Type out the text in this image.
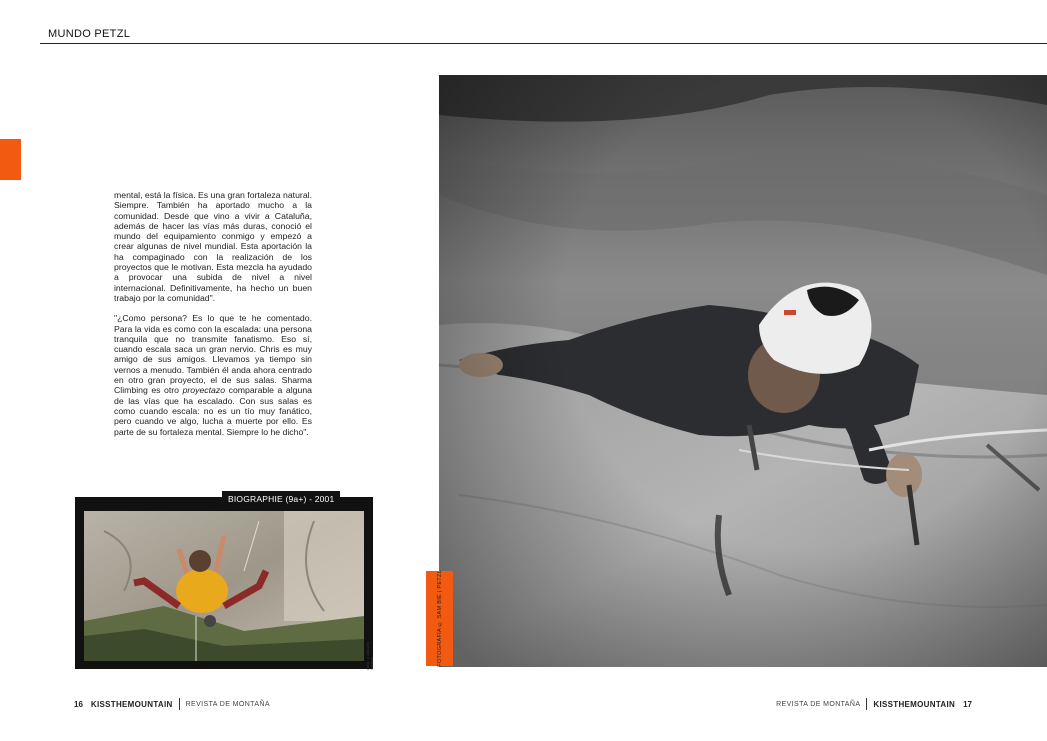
MUNDO PETZL

mental, está la física. Es una gran fortaleza natural. Siempre. También ha aportado mucho a la comunidad. Desde que vino a vivir a Cataluña, además de hacer las vías más duras, conoció el mundo del equipamiento conmigo y empezó a crear algunas de nivel mundial. Esta aportación la ha compaginado con la realización de los proyectos que le motivan. Esta mezcla ha ayudado a provocar una subida de nivel a nivel internacional. Definitivamente, ha hecho un buen trabajo por la comunidad".

"¿Como persona? Es lo que te he comentado. Para la vida es como con la escalada: una persona tranquila que no transmite fanatismo. Eso sí, cuando escala saca un gran nervio. Chris es muy amigo de sus amigos. Llevamos ya tiempo sin vernos a menudo. También él anda ahora centrado en otro gran proyecto, el de sus salas. Sharma Climbing es otro proyectazo comparable a alguna de las vías que ha escalado. Con sus salas es como cuando escala: no es un tío muy fanático, pero cuando ve algo, lucha a muerte por ello. Es parte de su fortaleza mental. Siempre lo he dicho".

BIOGRAPHIE (9a+) - 2001
FOTO: © ARCHIVO SHARMA	FOTOGRAFÍA © SAM BIÉ | PETZL
16 KISSTHEMOUNTAIN REVISTA DE MONTAÑA	REVISTA DE MONTAÑA KISSTHEMOUNTAIN 17
